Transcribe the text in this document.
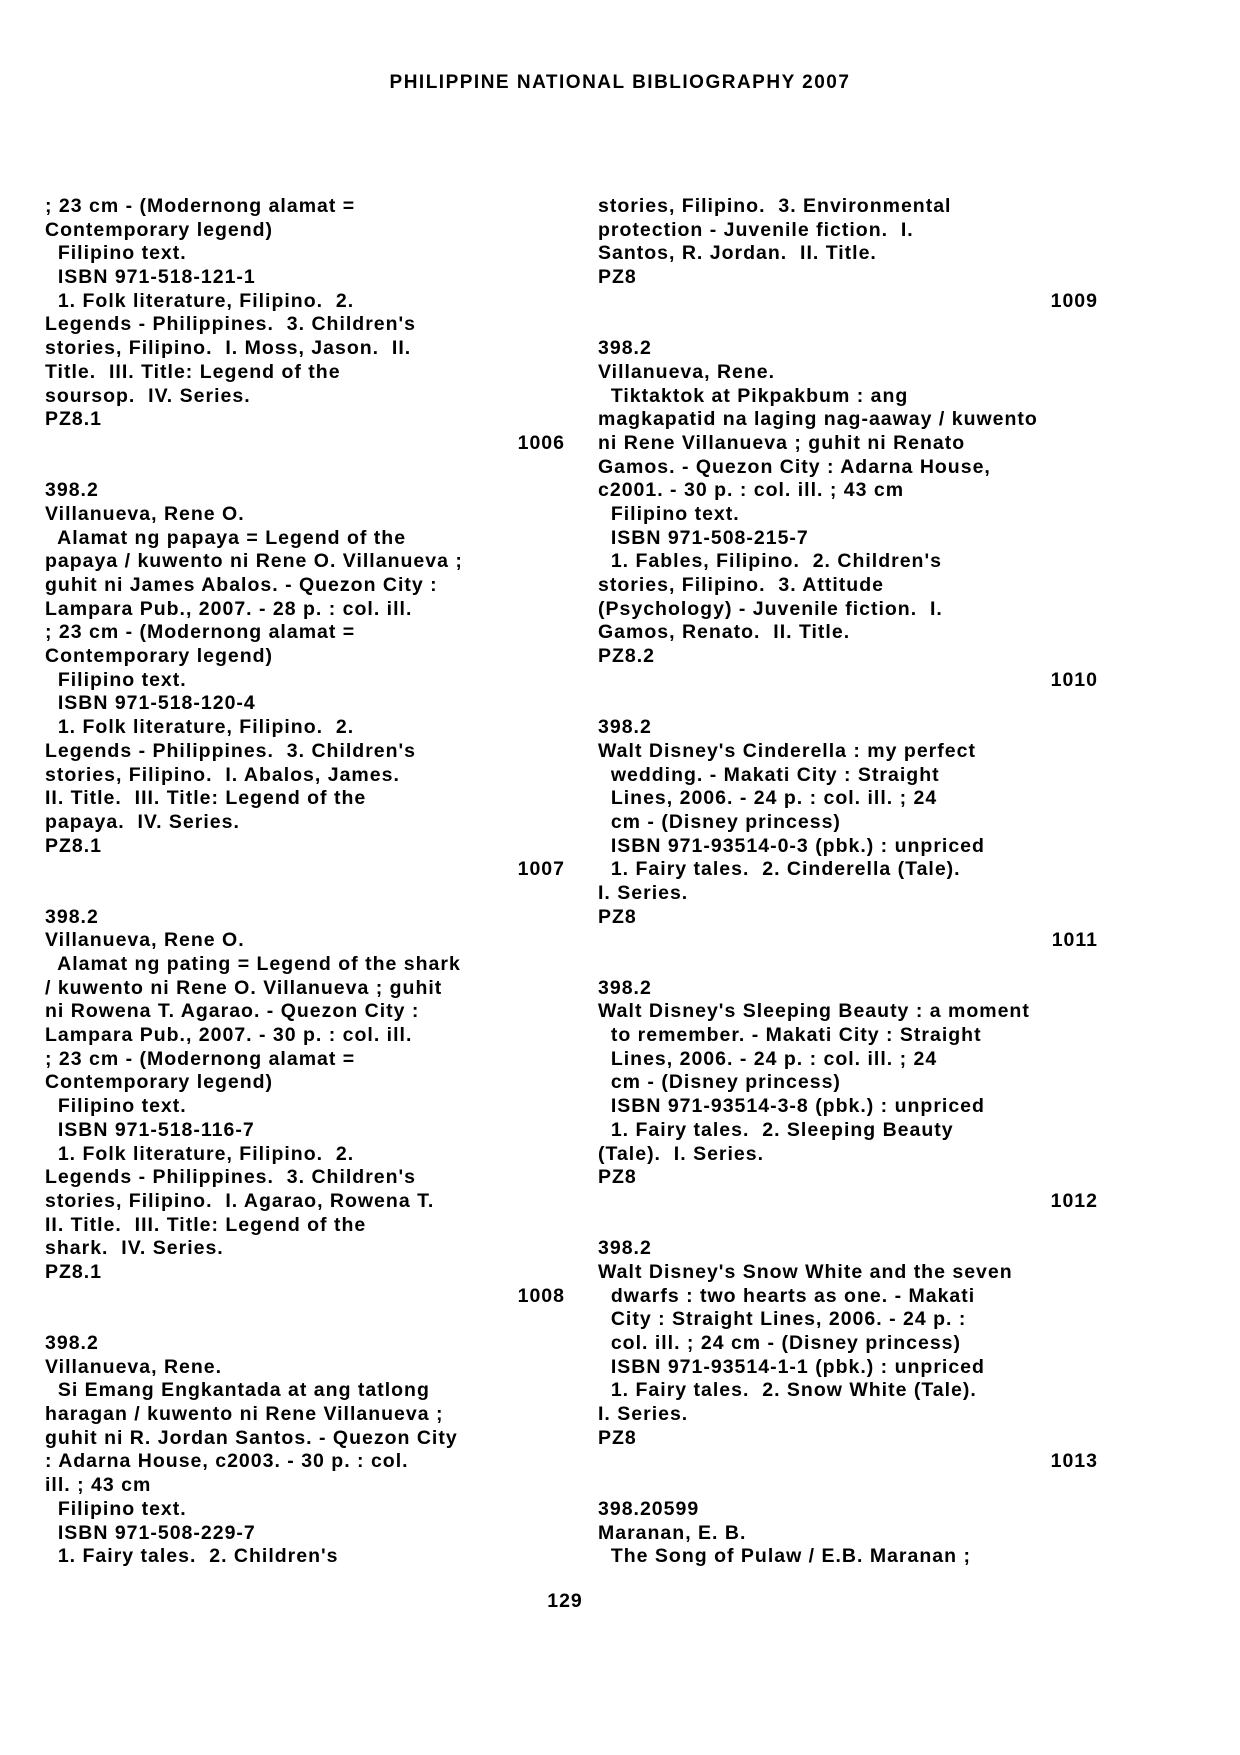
PHILIPPINE NATIONAL BIBLIOGRAPHY 2007
; 23 cm - (Modernong alamat =
Contemporary legend)
Filipino text.
ISBN 971-518-121-1
1. Folk literature, Filipino.  2.
Legends - Philippines.  3. Children's
stories, Filipino.  I. Moss, Jason.  II.
Title.  III. Title: Legend of the
soursop.  IV. Series.
PZ8.1
1006
398.2
Villanueva, Rene O.
Alamat ng papaya = Legend of the
papaya / kuwento ni Rene O. Villanueva ;
guhit ni James Abalos. - Quezon City :
Lampara Pub., 2007. - 28 p. : col. ill.
; 23 cm - (Modernong alamat =
Contemporary legend)
Filipino text.
ISBN 971-518-120-4
1. Folk literature, Filipino.  2.
Legends - Philippines.  3. Children's
stories, Filipino.  I. Abalos, James.
II. Title.  III. Title: Legend of the
papaya.  IV. Series.
PZ8.1
1007
398.2
Villanueva, Rene O.
Alamat ng pating = Legend of the shark
/ kuwento ni Rene O. Villanueva ; guhit
ni Rowena T. Agarao. - Quezon City :
Lampara Pub., 2007. - 30 p. : col. ill.
; 23 cm - (Modernong alamat =
Contemporary legend)
Filipino text.
ISBN 971-518-116-7
1. Folk literature, Filipino.  2.
Legends - Philippines.  3. Children's
stories, Filipino.  I. Agarao, Rowena T.
II. Title.  III. Title: Legend of the
shark.  IV. Series.
PZ8.1
1008
398.2
Villanueva, Rene.
Si Emang Engkantada at ang tatlong
haragan / kuwento ni Rene Villanueva ;
guhit ni R. Jordan Santos. - Quezon City
: Adarna House, c2003. - 30 p. : col.
ill. ; 43 cm
Filipino text.
ISBN 971-508-229-7
1. Fairy tales.  2. Children's
stories, Filipino.  3. Environmental
protection - Juvenile fiction.  I.
Santos, R. Jordan.  II. Title.
PZ8
1009
398.2
Villanueva, Rene.
Tiktaktok at Pikpakbum : ang
magkapatid na laging nag-aaway / kuwento
ni Rene Villanueva ; guhit ni Renato
Gamos. - Quezon City : Adarna House,
c2001. - 30 p. : col. ill. ; 43 cm
Filipino text.
ISBN 971-508-215-7
1. Fables, Filipino.  2. Children's
stories, Filipino.  3. Attitude
(Psychology) - Juvenile fiction.  I.
Gamos, Renato.  II. Title.
PZ8.2
1010
398.2
Walt Disney's Cinderella : my perfect
wedding. - Makati City : Straight
Lines, 2006. - 24 p. : col. ill. ; 24
cm - (Disney princess)
ISBN 971-93514-0-3 (pbk.) : unpriced
1. Fairy tales.  2. Cinderella (Tale).
I. Series.
PZ8
1011
398.2
Walt Disney's Sleeping Beauty : a moment
to remember. - Makati City : Straight
Lines, 2006. - 24 p. : col. ill. ; 24
cm - (Disney princess)
ISBN 971-93514-3-8 (pbk.) : unpriced
1. Fairy tales.  2. Sleeping Beauty
(Tale).  I. Series.
PZ8
1012
398.2
Walt Disney's Snow White and the seven
dwarfs : two hearts as one. - Makati
City : Straight Lines, 2006. - 24 p. :
col. ill. ; 24 cm - (Disney princess)
ISBN 971-93514-1-1 (pbk.) : unpriced
1. Fairy tales.  2. Snow White (Tale).
I. Series.
PZ8
1013
398.20599
Maranan, E. B.
The Song of Pulaw / E.B. Maranan ;
129
